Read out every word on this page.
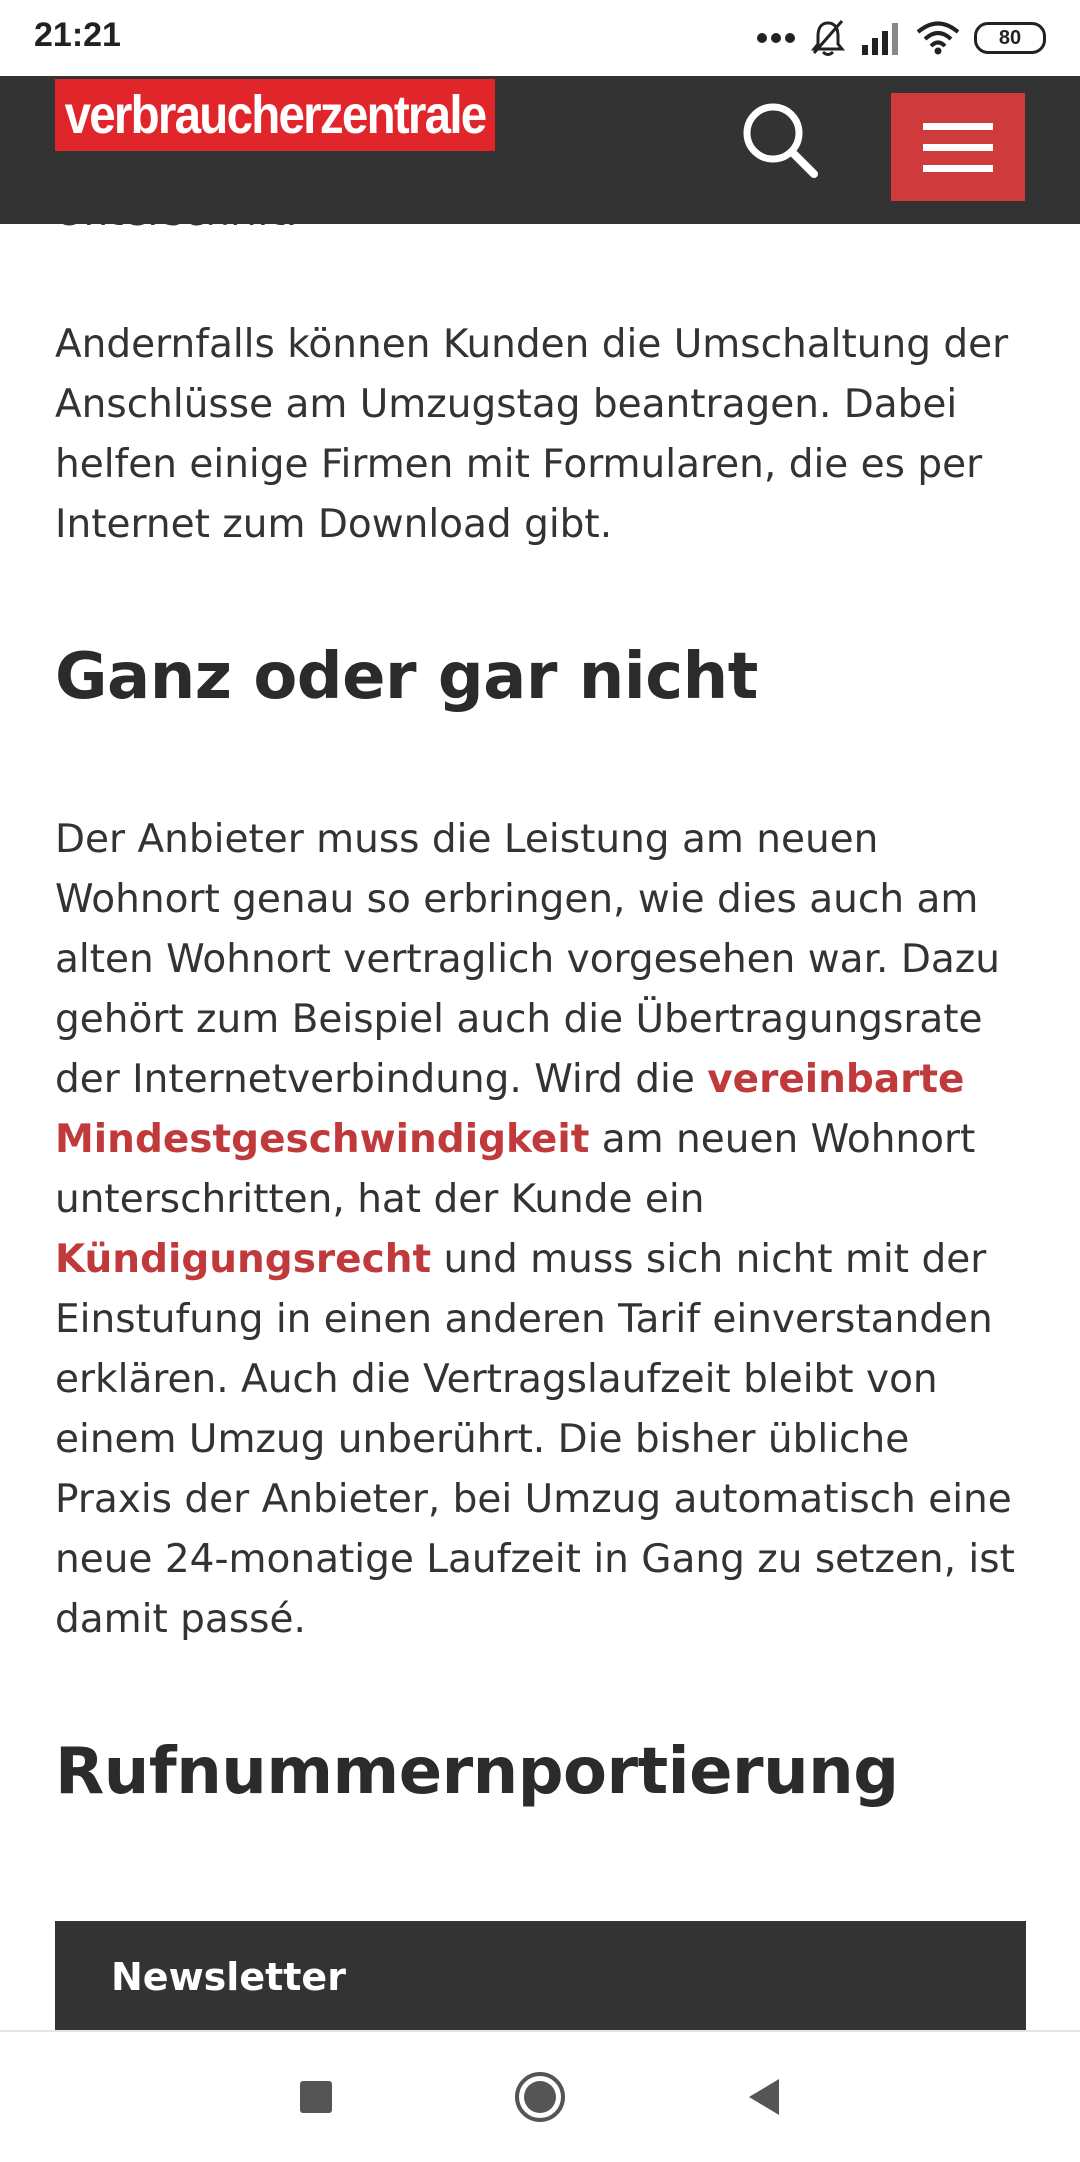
21:21	80
verbraucherzentrale

Andernfalls können Kunden die Umschaltung der Anschlüsse am Umzugstag beantragen. Dabei helfen einige Firmen mit Formularen, die es per Internet zum Download gibt.

Ganz oder gar nicht

Der Anbieter muss die Leistung am neuen Wohnort genau so erbringen, wie dies auch am alten Wohnort vertraglich vorgesehen war. Dazu gehört zum Beispiel auch die Übertragungsrate der Internetverbindung. Wird die vereinbarte Mindestgeschwindigkeit am neuen Wohnort unterschritten, hat der Kunde ein Kündigungsrecht und muss sich nicht mit der Einstufung in einen anderen Tarif einverstanden erklären. Auch die Vertragslaufzeit bleibt von einem Umzug unberührt. Die bisher übliche Praxis der Anbieter, bei Umzug automatisch eine neue 24-monatige Laufzeit in Gang zu setzen, ist damit passé.

Rufnummernportierung
Newsletter
